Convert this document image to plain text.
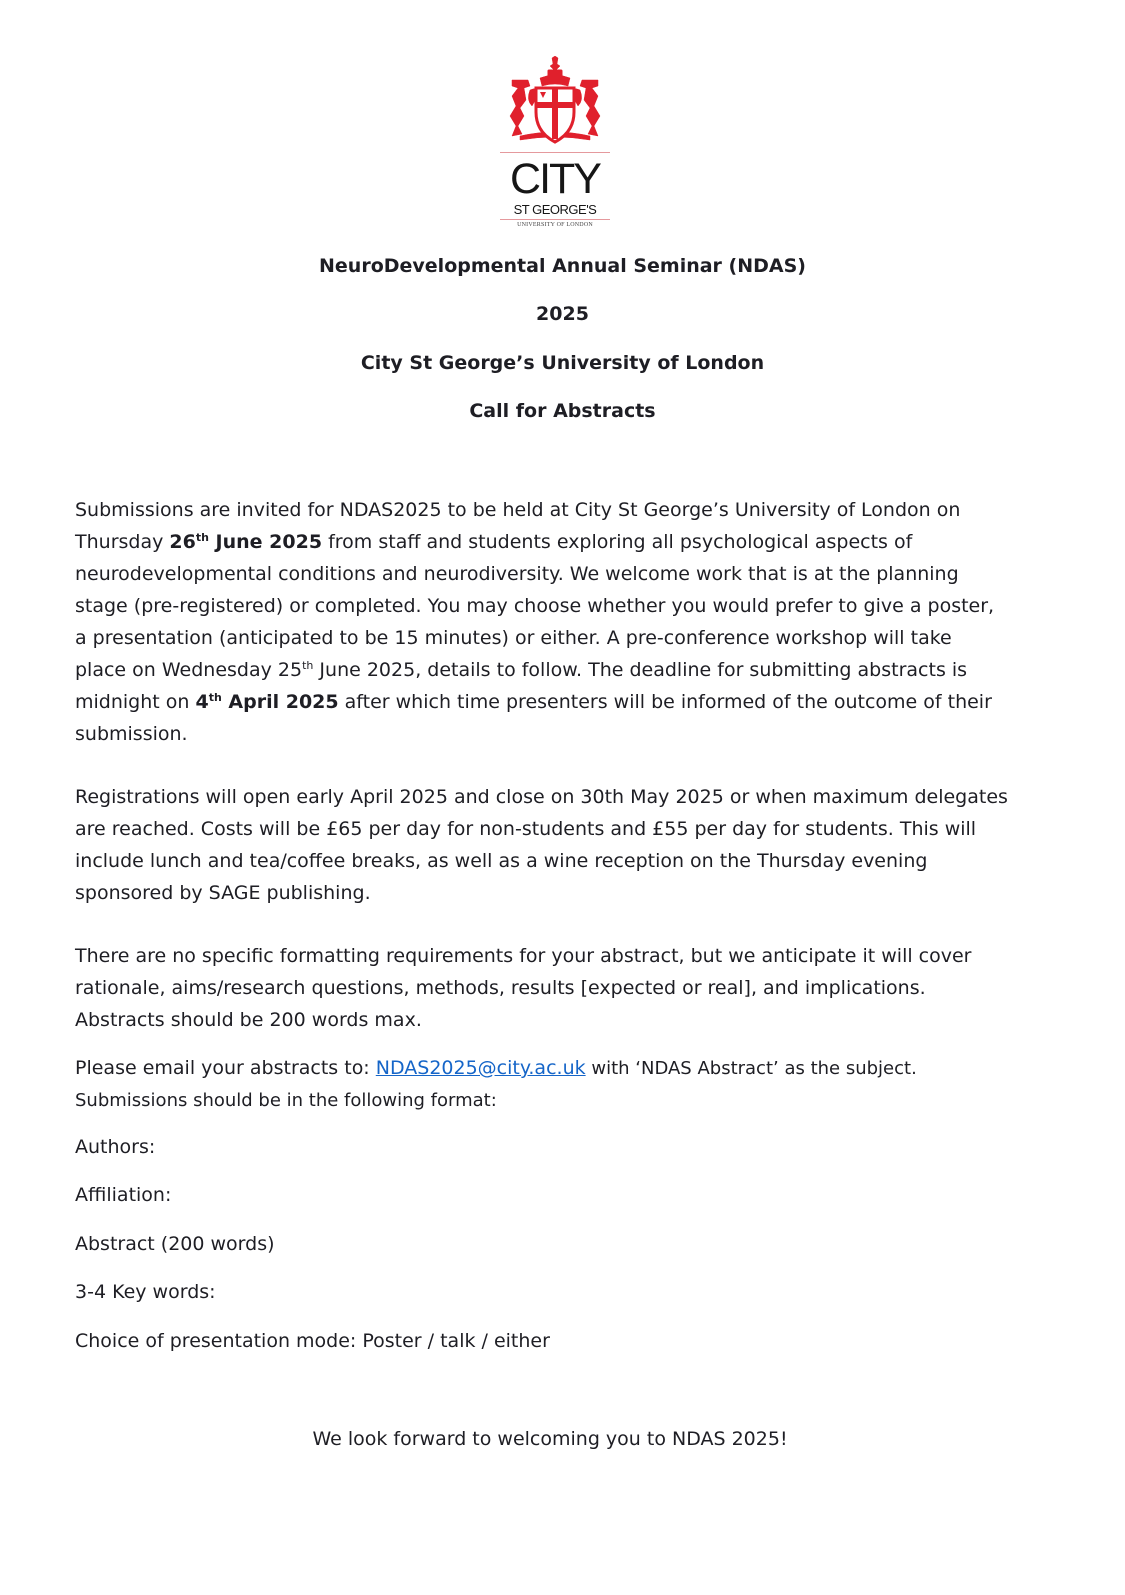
CITY
ST GEORGE'S
UNIVERSITY OF LONDON
NeuroDevelopmental Annual Seminar (NDAS)
2025
City St George’s University of London
Call for Abstracts
Submissions are invited for NDAS2025 to be held at City St George’s University of London on
Thursday 26th June 2025 from staff and students exploring all psychological aspects of
neurodevelopmental conditions and neurodiversity. We welcome work that is at the planning
stage (pre-registered) or completed. You may choose whether you would prefer to give a poster,
a presentation (anticipated to be 15 minutes) or either. A pre-conference workshop will take
place on Wednesday 25th June 2025, details to follow. The deadline for submitting abstracts is
midnight on 4th April 2025 after which time presenters will be informed of the outcome of their
submission.
Registrations will open early April 2025 and close on 30th May 2025 or when maximum delegates
are reached. Costs will be £65 per day for non-students and £55 per day for students. This will
include lunch and tea/coffee breaks, as well as a wine reception on the Thursday evening
sponsored by SAGE publishing.
There are no specific formatting requirements for your abstract, but we anticipate it will cover
rationale, aims/research questions, methods, results [expected or real], and implications.
Abstracts should be 200 words max.
Please email your abstracts to: NDAS2025@city.ac.uk with ‘NDAS Abstract’ as the subject.
Submissions should be in the following format:
Authors:
Affiliation:
Abstract (200 words)
3-4 Key words:
Choice of presentation mode: Poster / talk / either
We look forward to welcoming you to NDAS 2025!
